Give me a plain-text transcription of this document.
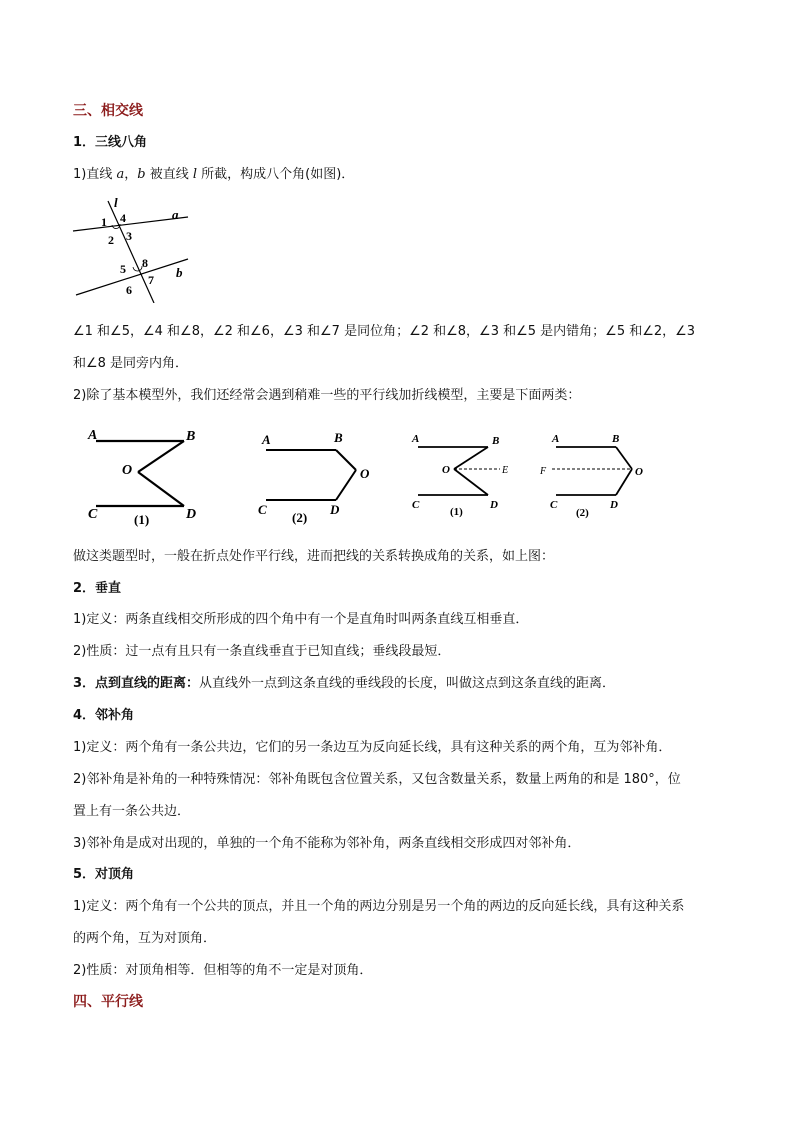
三、相交线
1．三线八角
1)直线 a，b 被直线 l 所截，构成八个角(如图)．
l
a
b
1 4
2 3
5 8
6
7
∠1 和∠5，∠4 和∠8，∠2 和∠6，∠3 和∠7 是同位角；∠2 和∠8，∠3 和∠5 是内错角；∠5 和∠2，∠3
和∠8 是同旁内角．
2)除了基本模型外，我们还经常会遇到稍难一些的平行线加折线模型，主要是下面两类：
A	B
O
C	D
(1)
A	B
O
C	D
(2)
A	B
O	E
C	D
(1)
A	B
O
F
C	D
(2)
做这类题型时，一般在折点处作平行线，进而把线的关系转换成角的关系，如上图：
2．垂直
1)定义：两条直线相交所形成的四个角中有一个是直角时叫两条直线互相垂直．
2)性质：过一点有且只有一条直线垂直于已知直线；垂线段最短．
3．点到直线的距离：从直线外一点到这条直线的垂线段的长度，叫做这点到这条直线的距离．
4．邻补角
1)定义：两个角有一条公共边，它们的另一条边互为反向延长线，具有这种关系的两个角，互为邻补角．
2)邻补角是补角的一种特殊情况：邻补角既包含位置关系，又包含数量关系，数量上两角的和是 180°，位
置上有一条公共边．
3)邻补角是成对出现的，单独的一个角不能称为邻补角，两条直线相交形成四对邻补角．
5．对顶角
1)定义：两个角有一个公共的顶点，并且一个角的两边分别是另一个角的两边的反向延长线，具有这种关系
的两个角，互为对顶角．
2)性质：对顶角相等．但相等的角不一定是对顶角．
四、平行线
